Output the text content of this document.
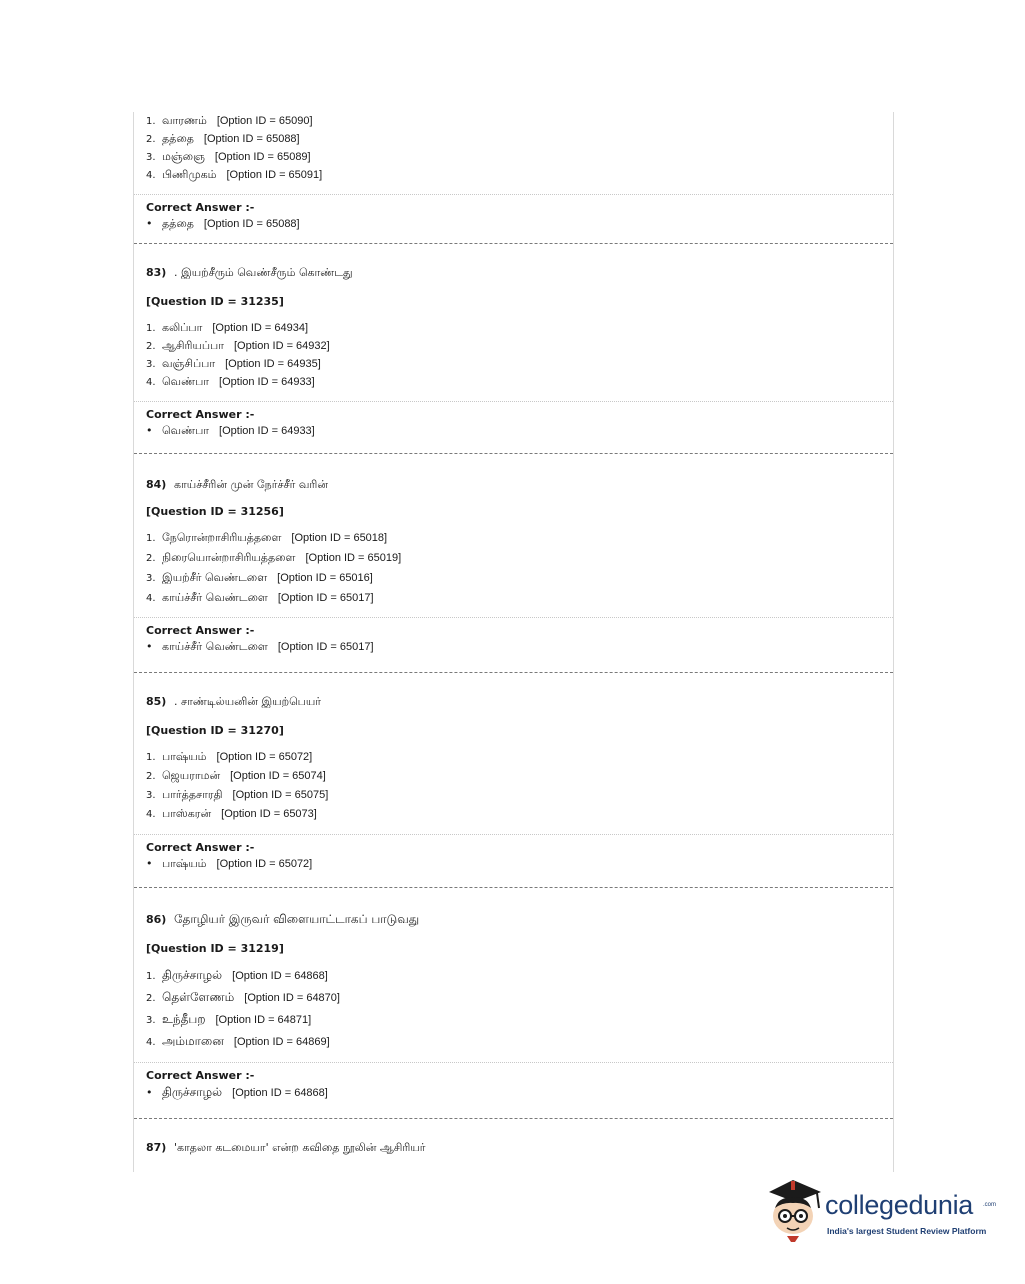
1. வாரணம் [Option ID = 65090]
2. தத்தை [Option ID = 65088]
3. மஞ்ஞை [Option ID = 65089]
4. பிணிமுகம் [Option ID = 65091]
Correct Answer :-
• தத்தை [Option ID = 65088]
83) . இயற்சீரும் வெண்சீரும் கொண்டது
[Question ID = 31235]
1. கலிப்பா [Option ID = 64934]
2. ஆசிரியப்பா [Option ID = 64932]
3. வஞ்சிப்பா [Option ID = 64935]
4. வெண்பா [Option ID = 64933]
Correct Answer :-
• வெண்பா [Option ID = 64933]
84) காய்ச்சீரின் முன் நேர்ச்சீர் வரின்
[Question ID = 31256]
1. நேரொன்றாசிரியத்தளை [Option ID = 65018]
2. நிரையொன்றாசிரியத்தளை [Option ID = 65019]
3. இயற்சீர் வெண்டளை [Option ID = 65016]
4. காய்ச்சீர் வெண்டளை [Option ID = 65017]
Correct Answer :-
• காய்ச்சீர் வெண்டளை [Option ID = 65017]
85) . சாண்டில்யனின் இயற்பெயர்
[Question ID = 31270]
1. பாஷ்யம் [Option ID = 65072]
2. ஜெயராமன் [Option ID = 65074]
3. பார்த்தசாரதி [Option ID = 65075]
4. பாஸ்கரன் [Option ID = 65073]
Correct Answer :-
• பாஷ்யம் [Option ID = 65072]
86) தோழியர் இருவர் விளையாட்டாகப் பாடுவது
[Question ID = 31219]
1. திருச்சாழல் [Option ID = 64868]
2. தெள்ளேணம் [Option ID = 64870]
3. உந்தீபற [Option ID = 64871]
4. அம்மானை [Option ID = 64869]
Correct Answer :-
• திருச்சாழல் [Option ID = 64868]
87) 'காதலா கடமையா' என்ற கவிதை நூலின் ஆசிரியர்
collegedunia .com
India's largest Student Review Platform
